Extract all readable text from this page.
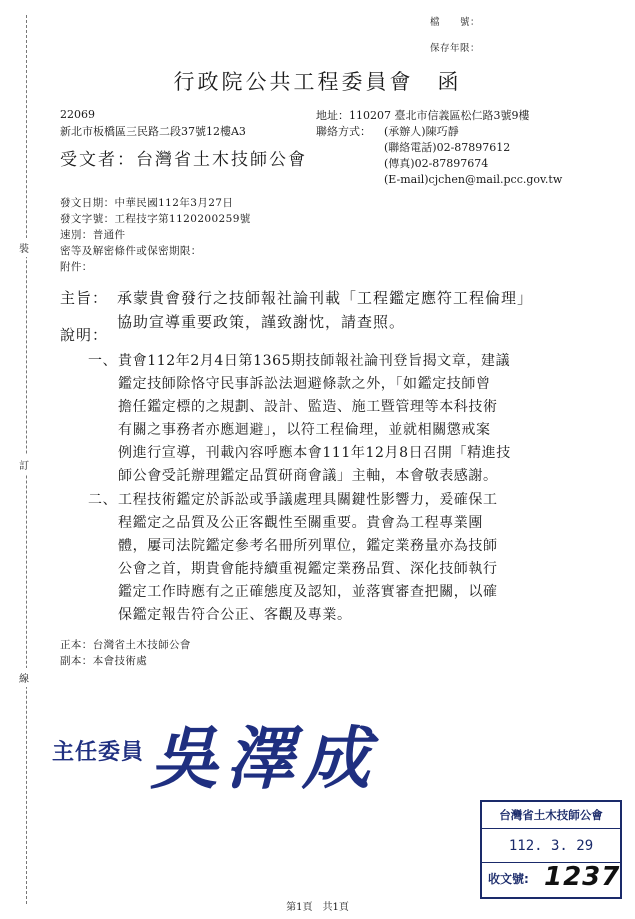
裝
訂
線
檔　　號：
保存年限：
行政院公共工程委員會　函
22069
新北市板橋區三民路二段37號12樓A3
受文者：台灣省土木技師公會
地址：110207 臺北市信義區松仁路3號9樓
聯絡方式： (承辦人)陳巧靜
(聯絡電話)02-87897612
(傳真)02-87897674
(E-mail)cjchen@mail.pcc.gov.tw
發文日期：中華民國112年3月27日
發文字號：工程技字第1120200259號
速別：普通件
密等及解密條件或保密期限：
附件：
主旨： 承蒙貴會發行之技師報社論刊載「工程鑑定應符工程倫理」
協助宣導重要政策，謹致謝忱，請查照。
說明：
一、 貴會112年2月4日第1365期技師報社論刊登旨揭文章，建議
鑑定技師除恪守民事訴訟法迴避條款之外，「如鑑定技師曾
擔任鑑定標的之規劃、設計、監造、施工暨管理等本科技術
有關之事務者亦應迴避」，以符工程倫理，並就相關懲戒案
例進行宣導，刊載內容呼應本會111年12月8日召開「精進技
師公會受託辦理鑑定品質研商會議」主軸，本會敬表感謝。
二、 工程技術鑑定於訴訟或爭議處理具關鍵性影響力，爰確保工
程鑑定之品質及公正客觀性至關重要。貴會為工程專業團
體，屢司法院鑑定參考名冊所列單位，鑑定業務量亦為技師
公會之首，期貴會能持續重視鑑定業務品質、深化技師執行
鑑定工作時應有之正確態度及認知，並落實審查把關，以確
保鑑定報告符合公正、客觀及專業。
正本：台灣省土木技師公會
副本：本會技術處
主任委員 吳澤成
台灣省土木技師公會
112. 3. 29
收文號: 1237
第1頁　共1頁
